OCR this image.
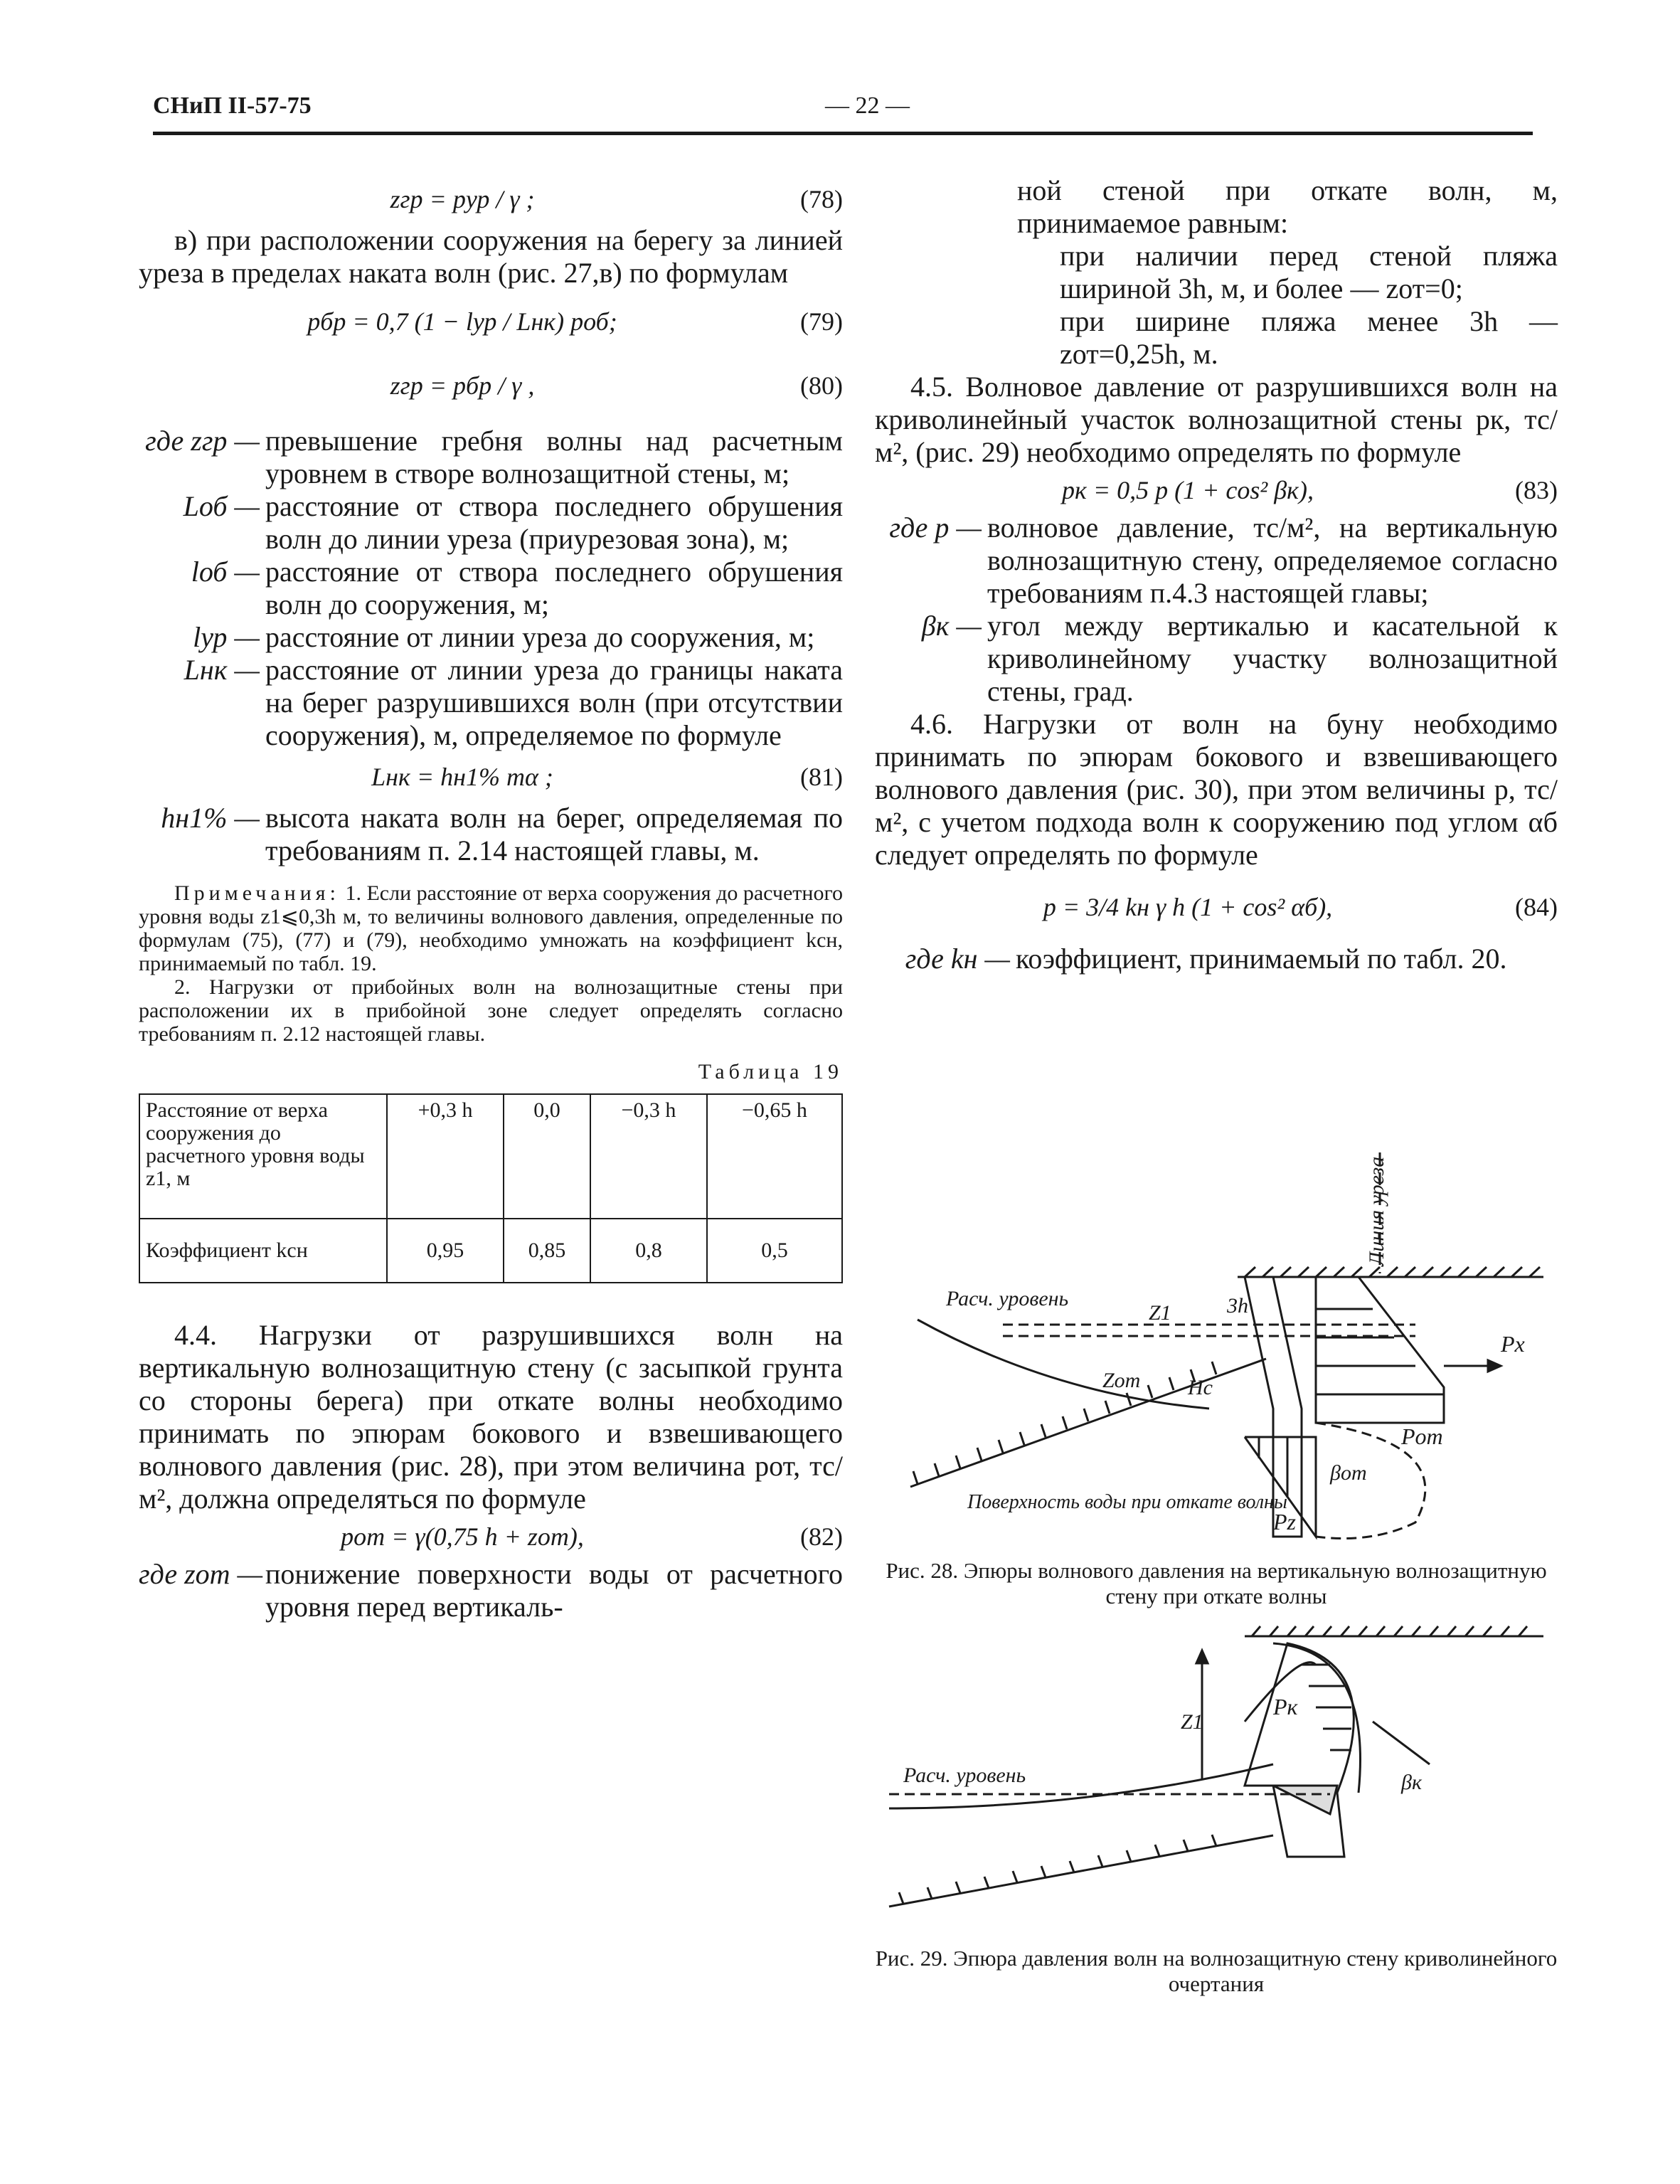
СНиП II-57-75	— 22 —
zгр = pур / γ ;	(78)

в) при расположении сооружения на берегу за линией уреза в пределах наката волн (рис. 27,в) по формулам

pбр = 0,7 (1 − lур / Lнк) pоб;	(79)
zгр = pбр / γ ,	(80)
где zгр — превышение гребня волны над расчетным уровнем в створе волнозащитной стены, м;
Lоб — расстояние от створа последнего обрушения волн до линии уреза (приурезовая зона), м;
lоб — расстояние от створа последнего обрушения волн до сооружения, м;
lур — расстояние от линии уреза до сооружения, м;
Lнк — расстояние от линии уреза до границы наката на берег разрушившихся волн (при отсутствии сооружения), м, определяемое по формуле
Lнк = hн1% mα ;	(81)
hн1% — высота наката волн на берег, определяемая по требованиям п. 2.14 настоящей главы, м.

Примечания: 1. Если расстояние от верха сооружения до расчетного уровня воды z1⩽0,3h м, то величины волнового давления, определенные по формулам (75), (77) и (79), необходимо умножать на коэффициент kсн, принимаемый по табл. 19.

2. Нагрузки от прибойных волн на волнозащитные стены при расположении их в прибойной зоне следует определять согласно требованиям п. 2.12 настоящей главы.

Таблица 19
Расстояние от верха сооружения до расчетного уровня воды z1, м	+0,3 h	0,0	−0,3 h	−0,65 h
Коэффициент kсн	0,95	0,85	0,8	0,5

4.4. Нагрузки от разрушившихся волн на вертикальную волнозащитную стену (с засыпкой грунта со стороны берега) при откате волны необходимо принимать по эпюрам бокового и взвешивающего волнового давления (рис. 28), при этом величина pот, тс/м², должна определяться по формуле

pот = γ(0,75 h + zот),	(82)
где zот — понижение поверхности воды от расчетного уровня перед вертикаль-

ной стеной при откате волн, м, принимаемое равным:

при наличии перед стеной пляжа шириной 3h, м, и более — zот=0;

при ширине пляжа менее 3h — zот=0,25h, м.

4.5. Волновое давление от разрушившихся волн на криволинейный участок волнозащитной стены pк, тс/м², (рис. 29) необходимо определять по формуле

pк = 0,5 p (1 + cos² βк),	(83)
где p — волновое давление, тс/м², на вертикальную волнозащитную стену, определяемое согласно требованиям п.4.3 настоящей главы;
βк — угол между вертикалью и касательной к криволинейному участку волнозащитной стены, град.

4.6. Нагрузки от волн на буну необходимо принимать по эпюрам бокового и взвешивающего волнового давления (рис. 30), при этом величины p, тс/м², с учетом подхода волн к сооружению под углом αб следует определять по формуле

p = 3/4 kн γ h (1 + cos² αб),	(84)
где kн — коэффициент, принимаемый по табл. 20.
Линия уреза
Расч. уровень
Z1	3h
Zот Hс
Px
Pот
βот
Pz
Поверхность воды при откате волны
Рис. 28. Эпюры волнового давления на вертикальную волнозащитную стену при откате волны
Расч. уровень
Z1
Pк
βк
Рис. 29. Эпюра давления волн на волнозащитную стену криволинейного очертания
